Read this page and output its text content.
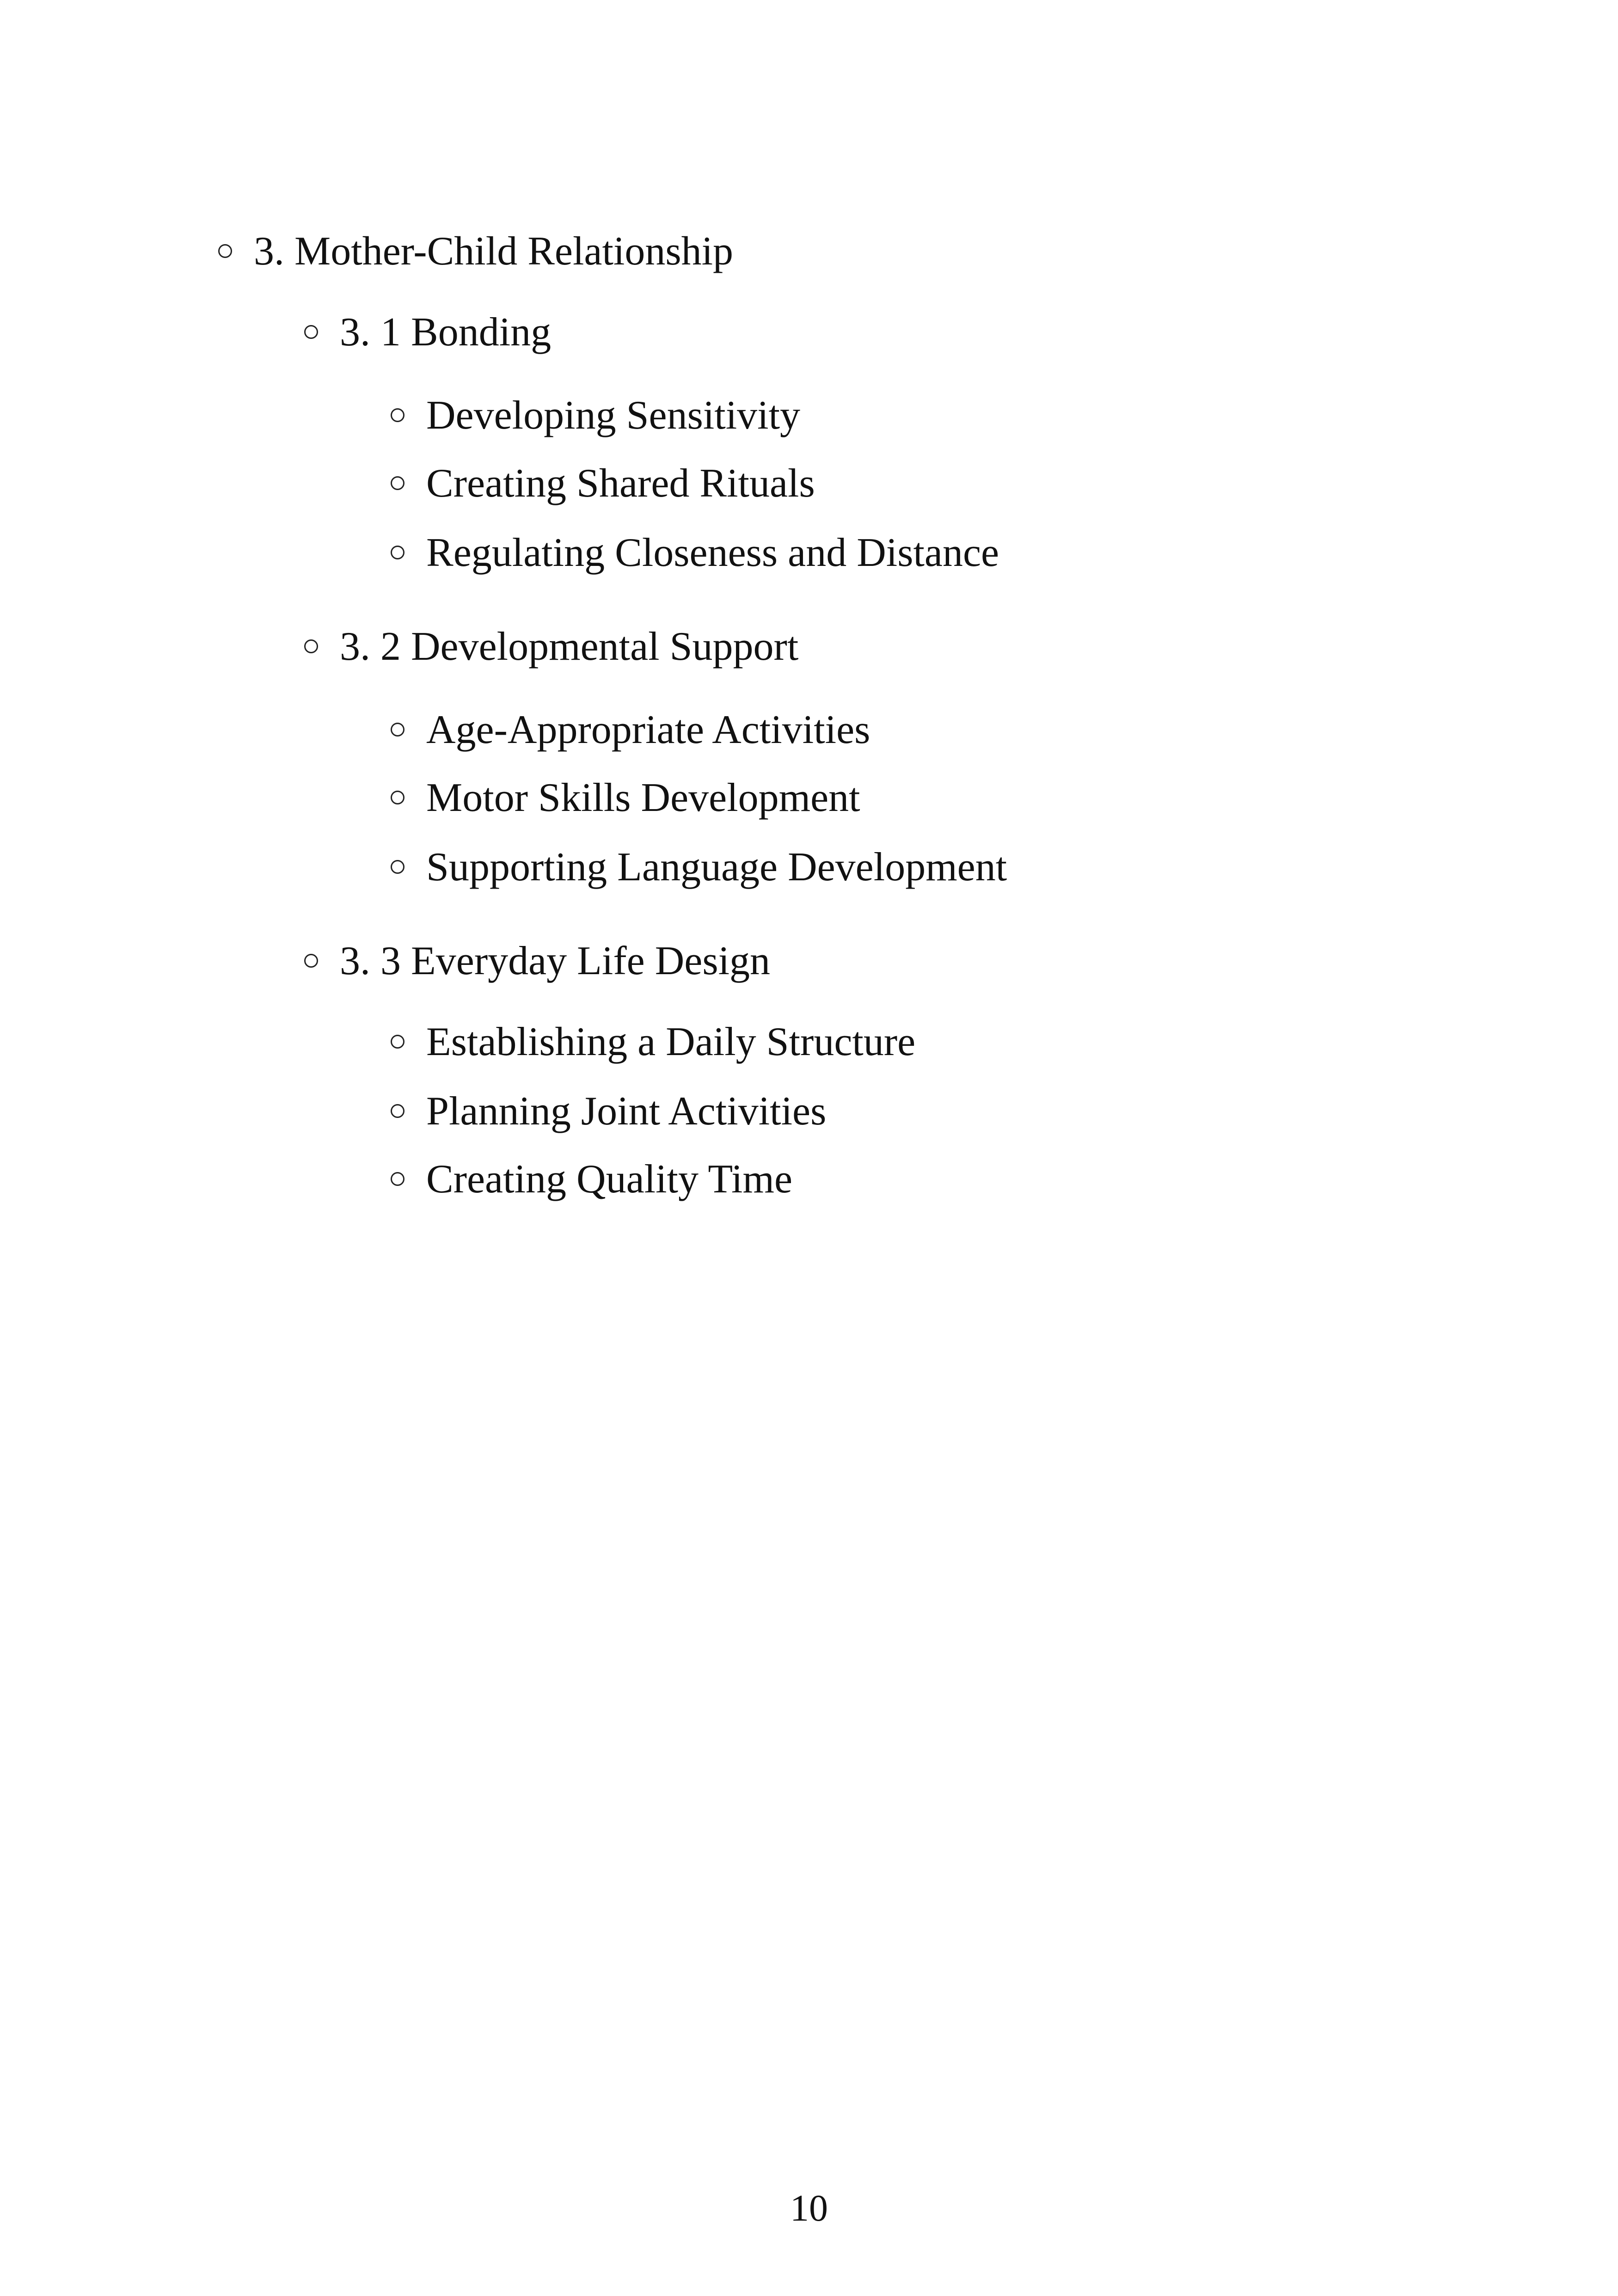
3. Mother-Child Relationship
3. 1 Bonding
Developing Sensitivity
Creating Shared Rituals
Regulating Closeness and Distance
3. 2 Developmental Support
Age-Appropriate Activities
Motor Skills Development
Supporting Language Development
3. 3 Everyday Life Design
Establishing a Daily Structure
Planning Joint Activities
Creating Quality Time
10
